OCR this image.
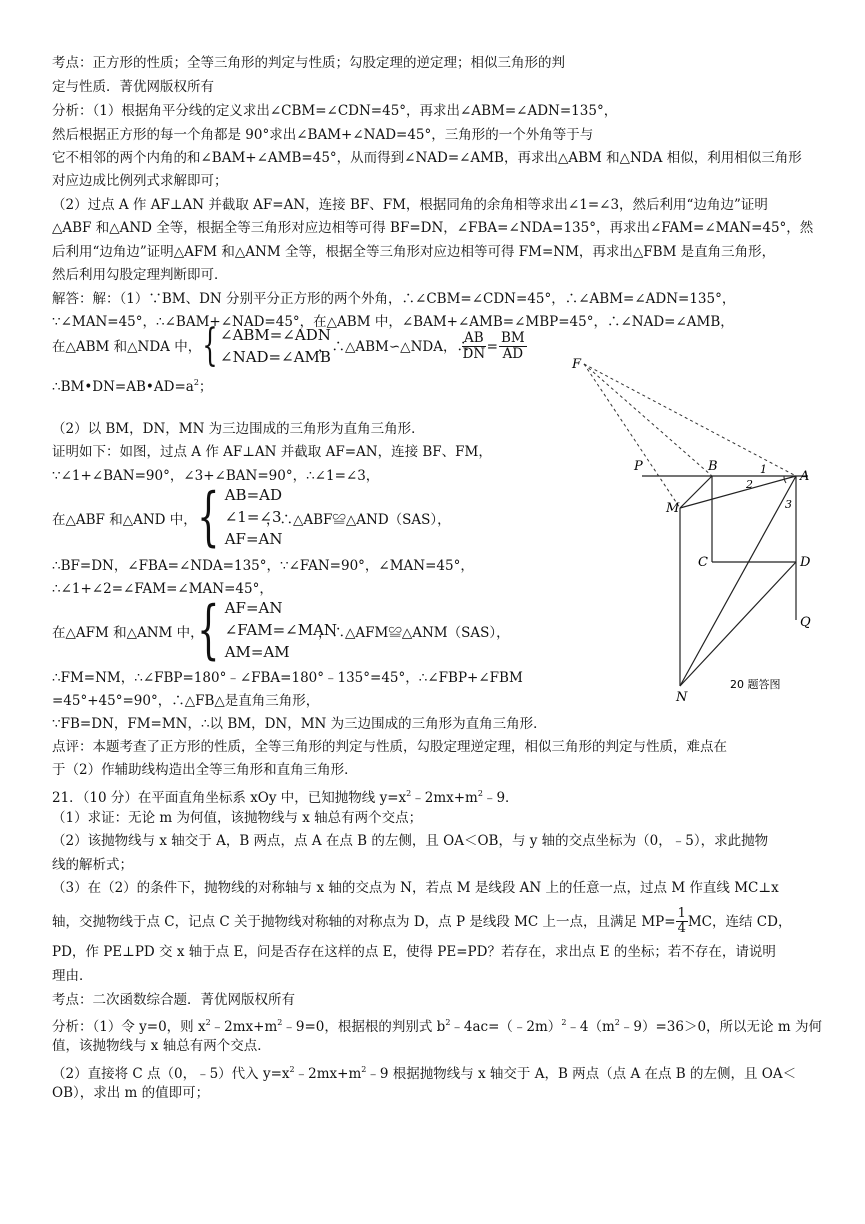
考点：正方形的性质；全等三角形的判定与性质；勾股定理的逆定理；相似三角形的判
定与性质．菁优网版权所有
分析：（1）根据角平分线的定义求出∠CBM=∠CDN=45°，再求出∠ABM=∠ADN=135°，
然后根据正方形的每一个角都是 90°求出∠BAM+∠NAD=45°，三角形的一个外角等于与
它不相邻的两个内角的和∠BAM+∠AMB=45°，从而得到∠NAD=∠AMB，再求出△ABM 和△NDA 相似，利用相似三角形
对应边成比例列式求解即可；
（2）过点 A 作 AF⊥AN 并截取 AF=AN，连接 BF、FM，根据同角的余角相等求出∠1=∠3，然后利用“边角边”证明
△ABF 和△AND 全等，根据全等三角形对应边相等可得 BF=DN，∠FBA=∠NDA=135°，再求出∠FAM=∠MAN=45°，然
后利用“边角边”证明△AFM 和△ANM 全等，根据全等三角形对应边相等可得 FM=NM，再求出△FBM 是直角三角形，
然后利用勾股定理判断即可．
解答：解：（1）∵BM、DN 分别平分正方形的两个外角，∴∠CBM=∠CDN=45°，∴∠ABM=∠ADN=135°，
∵∠MAN=45°，∴∠BAM+∠NAD=45°，在△ABM 中，∠BAM+∠AMB=∠MBP=45°，∴∠NAD=∠AMB，
在△ABM 和△NDA 中， { ∠ABM=∠ADN
∠NAD=∠AMB
，∴△ABM∽△NDA，∴
$\frac{AB}{DN} = \frac{BM}{AD}$
$\therefore BM•DN=AB•AD=a^2$；
（2）以 BM，DN，MN 为三边围成的三角形为直角三角形．
证明如下：如图，过点 A 作 AF⊥AN 并截取 AF=AN，连接 BF、FM，
∵∠1+∠BAN=90°，∠3+∠BAN=90°，∴∠1=∠3，
在△ABF 和△AND 中， { AB=AD
∠1=∠3
AF=AN
，∴△ABF≌△AND（SAS），
∴BF=DN，∠FBA=∠NDA=135°，∵∠FAN=90°，∠MAN=45°，
∴∠1+∠2=∠FAM=∠MAN=45°，
在△AFM 和△ANM 中，
{ AF=AN
∠FAM=∠MAN
AM=AM
，∴△AFM≌△ANM（SAS），
∴FM=NM，∴∠FBP=180°﹣∠FBA=180°﹣135°=45°，∴∠FBP+∠FBM
=45°+45°=90°，∴△FB△是直角三角形，
∵FB=DN，FM=MN，∴以 BM，DN，MN 为三边围成的三角形为直角三角形．
点评：本题考查了正方形的性质，全等三角形的判定与性质，勾股定理逆定理，相似三角形的判定与性质，难点在
于（2）作辅助线构造出全等三角形和直角三角形．
21．（10 分）在平面直角坐标系 xOy 中，已知抛物线 $y=x^2﹣2mx+m^2﹣9$．
（1）求证：无论 m 为何值，该抛物线与 x 轴总有两个交点；
（2）该抛物线与 x 轴交于 A，B 两点，点 A 在点 B 的左侧，且 OA＜OB，与 y 轴的交点坐标为（0，﹣5），求此抛物
线的解析式；
（3）在（2）的条件下，抛物线的对称轴与 x 轴的交点为 N，若点 M 是线段 AN 上的任意一点，过点 M 作直线 MC⊥x
轴，交抛物线于点 C，记点 C 关于抛物线对称轴的对称点为 D，点 P 是线段 MC 上一点，且满足 $MP= \frac{1}{4}$ MC，连结 CD，
PD，作 PE⊥PD 交 x 轴于点 E，问是否存在这样的点 E，使得 PE=PD？若存在，求出点 E 的坐标；若不存在，请说明
理由．
考点：二次函数综合题．菁优网版权所有
分析：（1）令 y=0，则 $x^2﹣2mx+m^2﹣9=0$，根据根的判别式 $b^2﹣4ac=(﹣2m)^2﹣4(m^2﹣9)=36>0$，所以无论 m 为何
值，该抛物线与 x 轴总有两个交点．
（2）直接将 C 点（0，﹣5）代入 $y=x^2﹣2mx+m^2﹣9$ 根据抛物线与 x 轴交于 A，B 两点（点 A 在点 B 的左侧，且 OA＜
OB），求出 m 的值即可；
F
P	B
A
M
C	D
Q
N
1
2
3
20 题答图
